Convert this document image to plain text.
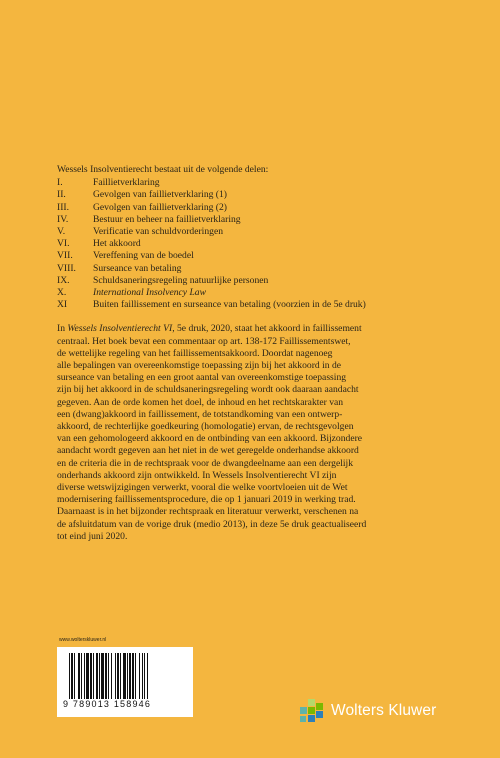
Wessels Insolventierecht bestaat uit de volgende delen:

I.	Faillietverklaring
II.	Gevolgen van faillietverklaring (1)
III.	Gevolgen van faillietverklaring (2)
IV.	Bestuur en beheer na faillietverklaring
V.	Verificatie van schuldvorderingen
VI.	Het akkoord
VII.	Vereffening van de boedel
VIII.	Surseance van betaling
IX.	Schuldsaneringsregeling natuurlijke personen
X.	International Insolvency Law
XI	Buiten faillissement en surseance van betaling (voorzien in de 5e druk)

In Wessels Insolventierecht VI, 5e druk, 2020, staat het akkoord in faillissement

centraal. Het boek bevat een commentaar op art. 138-172 Faillissementswet,

de wettelijke regeling van het faillissementsakkoord. Doordat nagenoeg

alle bepalingen van overeenkomstige toepassing zijn bij het akkoord in de

surseance van betaling en een groot aantal van overeenkomstige toepassing

zijn bij het akkoord in de schuldsaneringsregeling wordt ook daaraan aandacht

gegeven. Aan de orde komen het doel, de inhoud en het rechtskarakter van

een (dwang)akkoord in faillissement, de totstandkoming van een ontwerp-

akkoord, de rechterlijke goedkeuring (homologatie) ervan, de rechtsgevolgen

van een gehomologeerd akkoord en de ontbinding van een akkoord. Bijzondere

aandacht wordt gegeven aan het niet in de wet geregelde onderhandse akkoord

en de criteria die in de rechtspraak voor de dwangdeelname aan een dergelijk

onderhands akkoord zijn ontwikkeld. In Wessels Insolventierecht VI zijn

diverse wetswijzigingen verwerkt, vooral die welke voortvloeien uit de Wet

modernisering faillissementsprocedure, die op 1 januari 2019 in werking trad.

Daarnaast is in het bijzonder rechtspraak en literatuur verwerkt, verschenen na

de afsluitdatum van de vorige druk (medio 2013), in deze 5e druk geactualiseerd

tot eind juni 2020.

www.wolterskluwer.nl
9 789013 158946	Wolters Kluwer
